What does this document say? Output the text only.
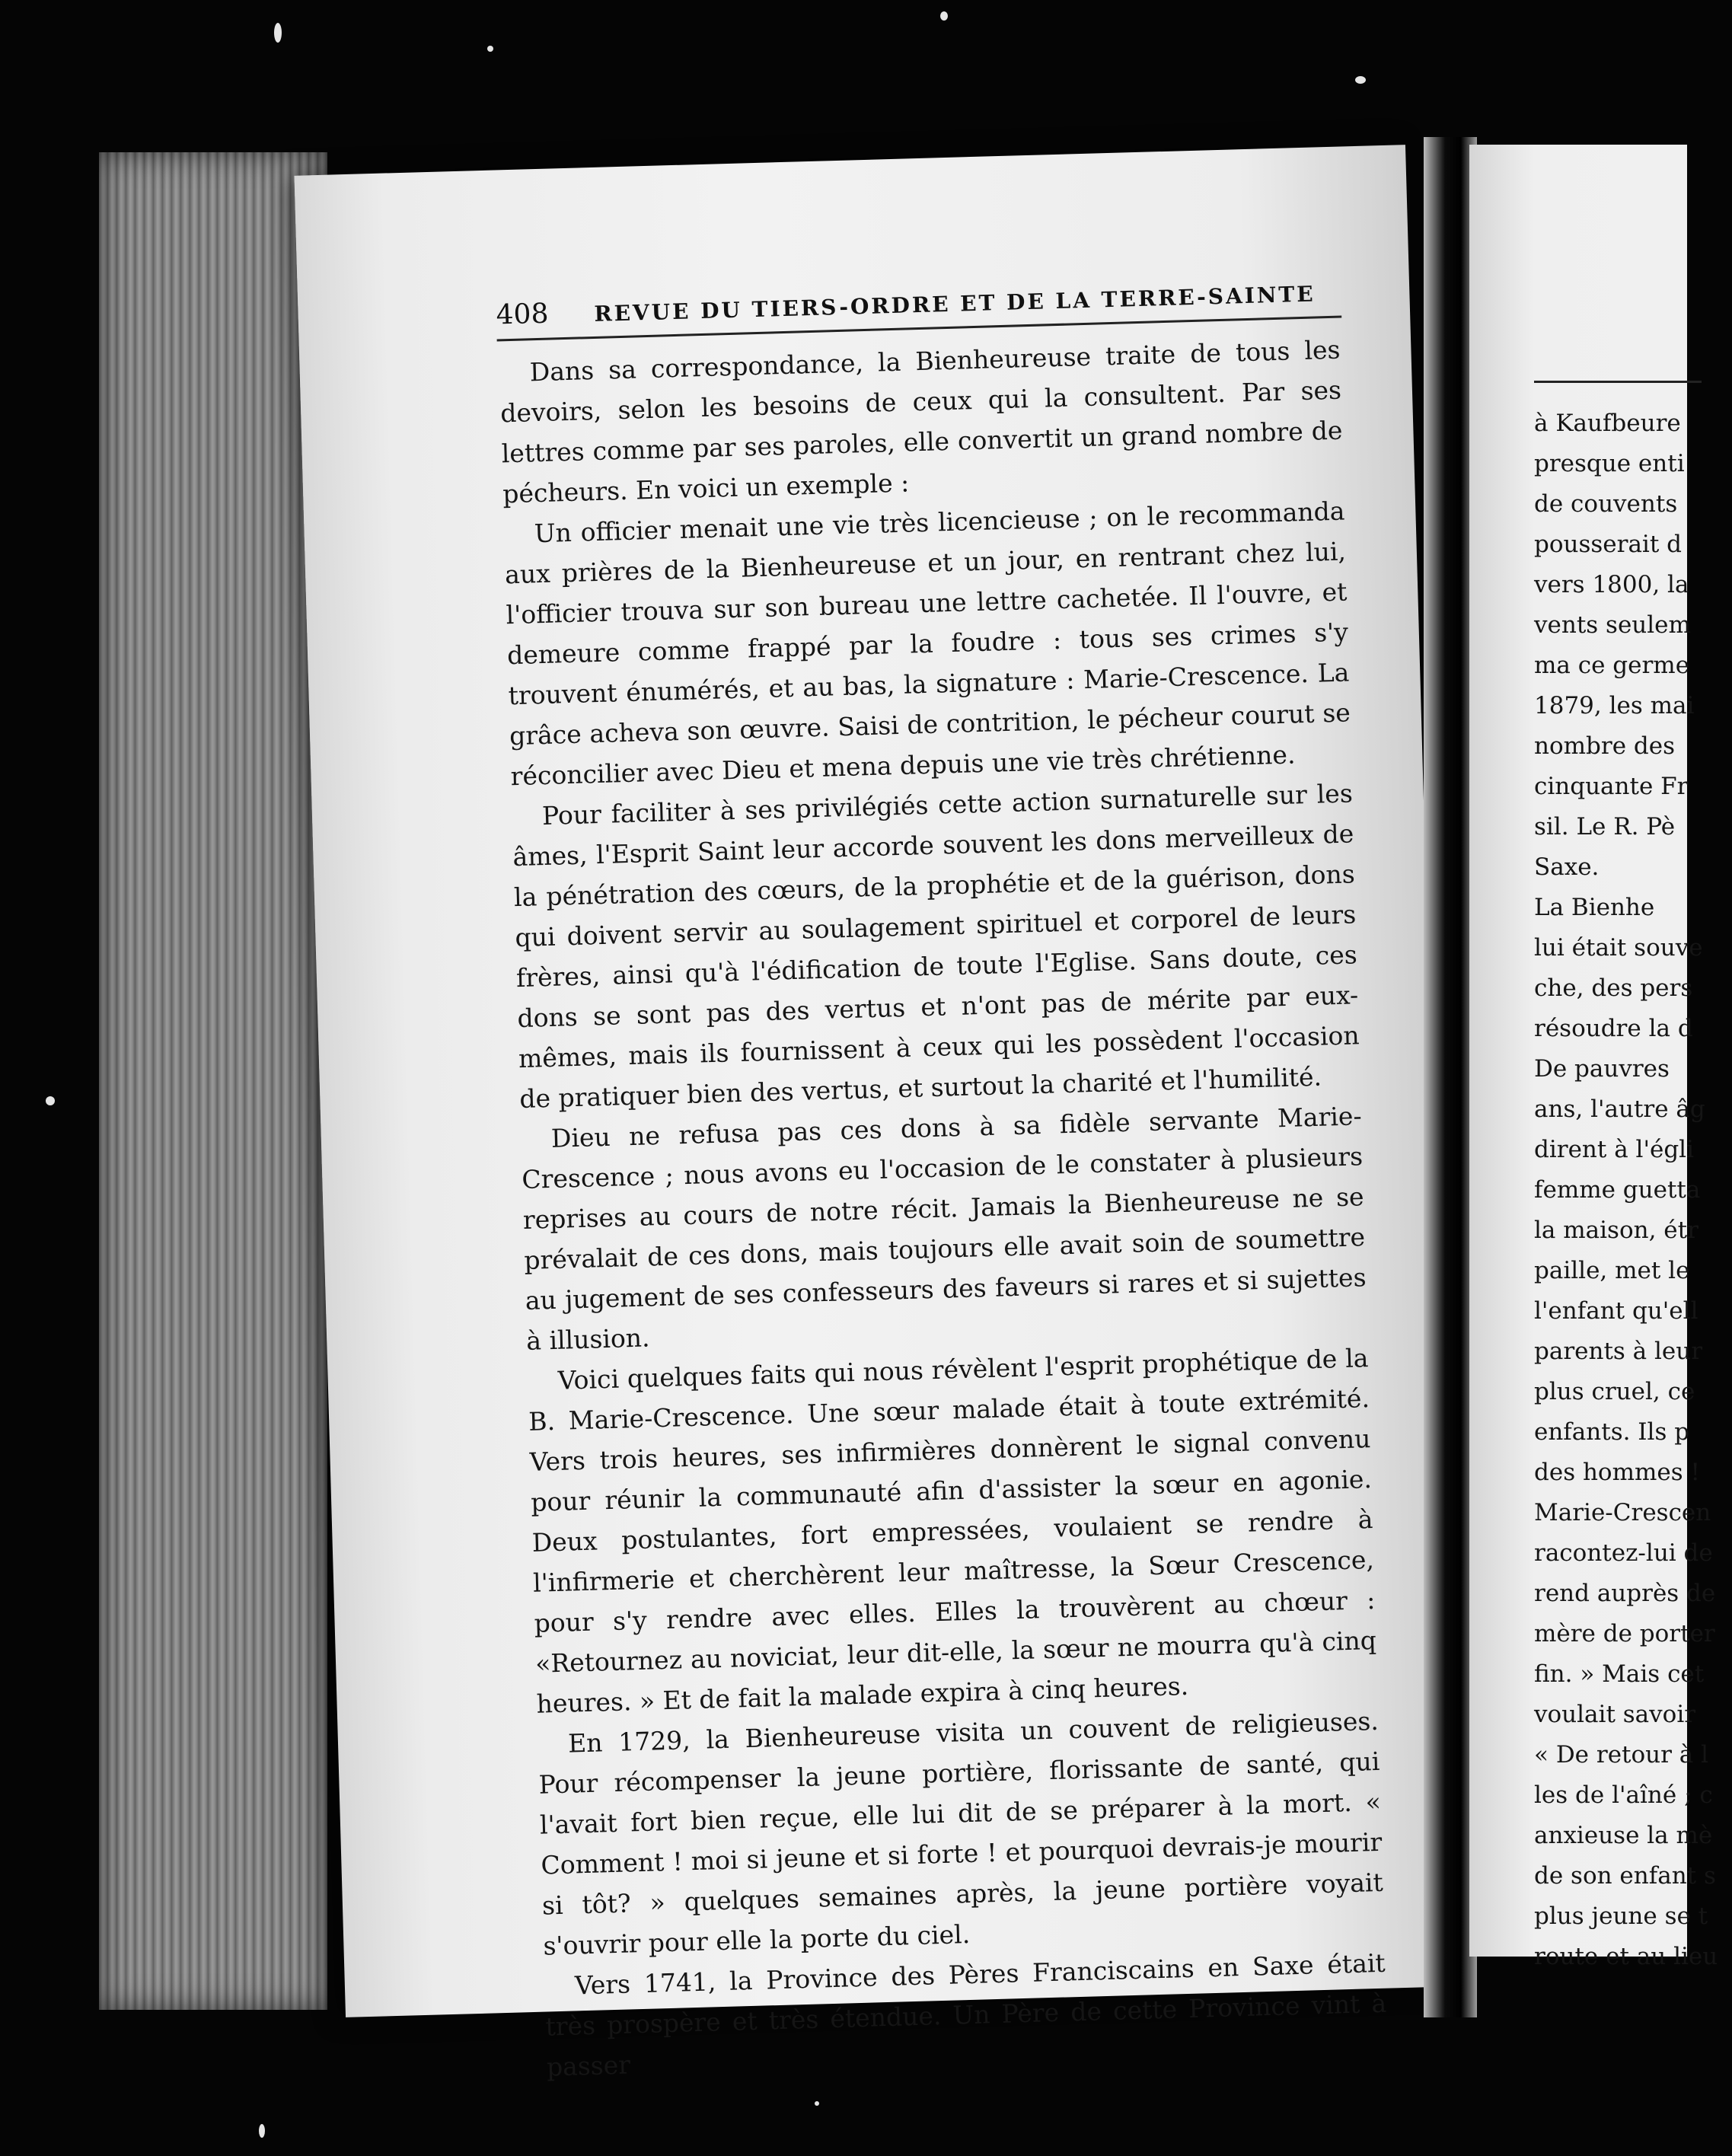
408 REVUE DU TIERS-ORDRE ET DE LA TERRE-SAINTE

Dans sa correspondance, la Bienheureuse traite de tous les devoirs, selon les besoins de ceux qui la consultent. Par ses lettres comme par ses paroles, elle convertit un grand nombre de pécheurs. En voici un exemple :

Un officier menait une vie très licencieuse ; on le recommanda aux prières de la Bienheureuse et un jour, en rentrant chez lui, l'officier trouva sur son bureau une lettre cachetée. Il l'ouvre, et demeure comme frappé par la foudre : tous ses crimes s'y trouvent énumérés, et au bas, la signature : Marie-Crescence. La grâce acheva son œuvre. Saisi de contrition, le pécheur courut se réconcilier avec Dieu et mena depuis une vie très chrétienne.

Pour faciliter à ses privilégiés cette action surnaturelle sur les âmes, l'Esprit Saint leur accorde souvent les dons merveilleux de la pénétration des cœurs, de la prophétie et de la guérison, dons qui doivent servir au soulagement spirituel et corporel de leurs frères, ainsi qu'à l'édification de toute l'Eglise. Sans doute, ces dons se sont pas des vertus et n'ont pas de mérite par eux-mêmes, mais ils fournissent à ceux qui les possèdent l'occasion de pratiquer bien des vertus, et surtout la charité et l'humilité.

Dieu ne refusa pas ces dons à sa fidèle servante Marie-Crescence ; nous avons eu l'occasion de le constater à plusieurs reprises au cours de notre récit. Jamais la Bienheureuse ne se prévalait de ces dons, mais toujours elle avait soin de soumettre au jugement de ses confesseurs des faveurs si rares et si sujettes à illusion.

Voici quelques faits qui nous révèlent l'esprit prophétique de la B. Marie-Crescence. Une sœur malade était à toute extrémité. Vers trois heures, ses infirmières donnèrent le signal convenu pour réunir la communauté afin d'assister la sœur en agonie. Deux postulantes, fort empressées, voulaient se rendre à l'infirmerie et cherchèrent leur maîtresse, la Sœur Crescence, pour s'y rendre avec elles. Elles la trouvèrent au chœur : «Retournez au noviciat, leur dit-elle, la sœur ne mourra qu'à cinq heures. » Et de fait la malade expira à cinq heures.

En 1729, la Bienheureuse visita un couvent de religieuses. Pour récompenser la jeune portière, florissante de santé, qui l'avait fort bien reçue, elle lui dit de se préparer à la mort. « Comment ! moi si jeune et si forte ! et pourquoi devrais-je mourir si tôt? » quelques semaines après, la jeune portière voyait s'ouvrir pour elle la porte du ciel.

Vers 1741, la Province des Pères Franciscains en Saxe était très prospère et très étendue. Un Père de cette Province vint à passer

à Kaufbeure
presque enti
de couvents
pousserait d
vers 1800, la
vents seulem
ma ce germe
1879, les mai
nombre des
cinquante Fr
sil. Le R. Pè
Saxe.
La Bienhe
lui était souve
che, des pers
résoudre la d
De pauvres
ans, l'autre âg
dirent à l'égli
femme guetta
la maison, étr
paille, met le
l'enfant qu'ell
parents à leur
plus cruel, ce
enfants. Ils p
des hommes !
Marie-Crescen
racontez-lui de
rend auprès de
mère de porter
fin. » Mais cet
voulait savoir
« De retour à l
les de l'aîné ; c
anxieuse la mè
de son enfant s
plus jeune se t
route et au lieu
